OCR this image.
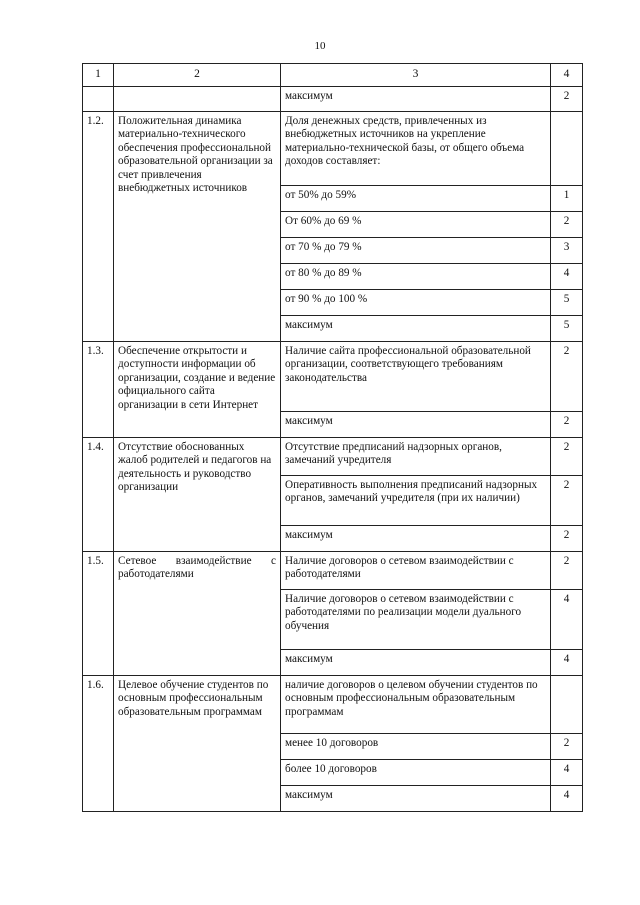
10
1	2	3	4
		максимум	2
1.2.	Положительная динамика материально-технического обеспечения профессиональной образовательной организации за счет привлечения внебюджетных источников	Доля денежных средств, привлеченных из внебюджетных источников на укрепление материально-технической базы, от общего объема доходов составляет:	
		от 50% до 59%	1
		От 60% до 69 %	2
		от 70 % до 79 %	3
		от 80 % до 89 %	4
		от 90 % до 100 %	5
		максимум	5
1.3.	Обеспечение открытости и доступности информации об организации, создание и ведение официального сайта организации в сети Интернет	Наличие сайта профессиональной образовательной организации, соответствующего требованиям законодательства	2
		максимум	2
1.4.	Отсутствие обоснованных жалоб родителей и педагогов на деятельность и руководство организации	Отсутствие предписаний надзорных органов, замечаний учредителя	2
		Оперативность выполнения предписаний надзорных органов, замечаний учредителя (при их наличии)	2
		максимум	2
1.5.	Сетевое взаимодействие с работодателями	Наличие договоров о сетевом взаимодействии с работодателями	2
		Наличие договоров о сетевом взаимодействии с работодателями по реализации модели дуального обучения	4
		максимум	4
1.6.	Целевое обучение студентов по основным профессиональным образовательным программам	наличие договоров о целевом обучении студентов по основным профессиональным образовательным программам	
		менее 10 договоров	2
		более 10 договоров	4
		максимум	4
